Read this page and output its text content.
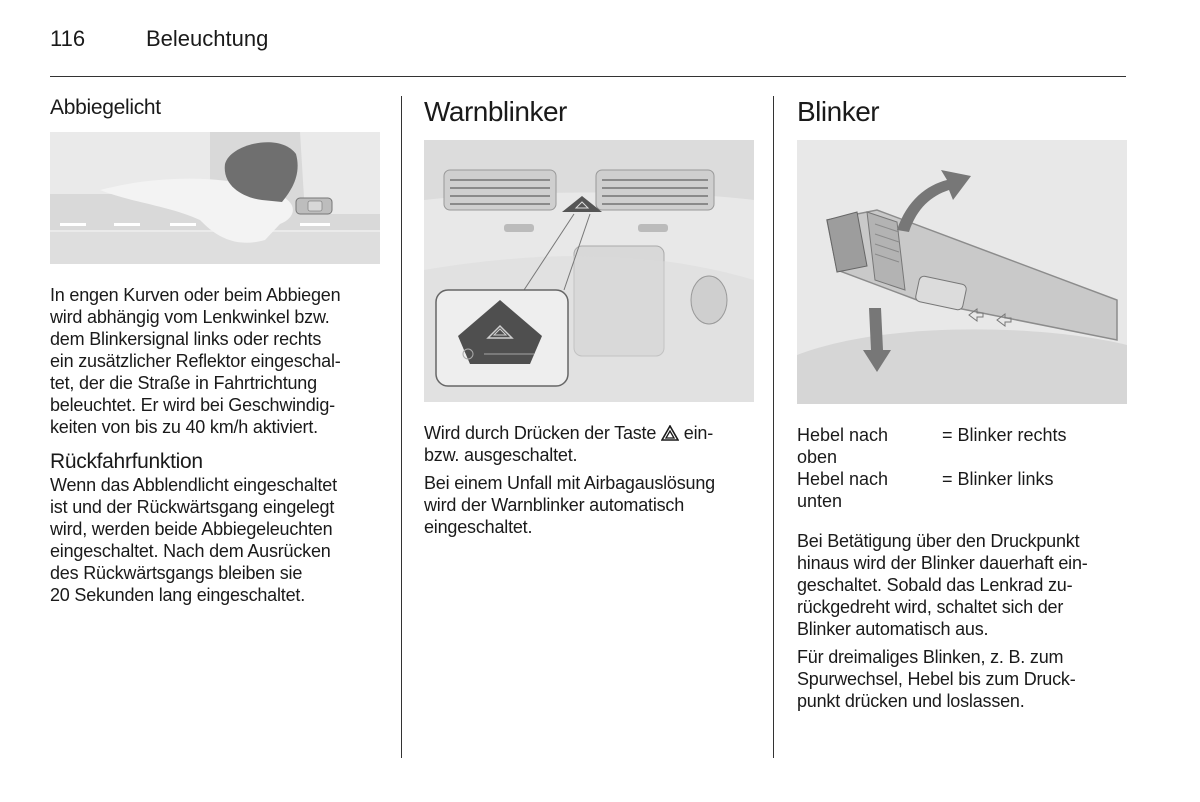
116	Beleuchtung
Abbiegelicht

In engen Kurven oder beim Abbiegen

wird abhängig vom Lenkwinkel bzw.

dem Blinkersignal links oder rechts

ein zusätzlicher Reflektor eingeschal-

tet, der die Straße in Fahrtrichtung

beleuchtet. Er wird bei Geschwindig-

keiten von bis zu 40 km/h aktiviert.

Rückfahrfunktion

Wenn das Abblendlicht eingeschaltet

ist und der Rückwärtsgang eingelegt

wird, werden beide Abbiegeleuchten

eingeschaltet. Nach dem Ausrücken

des Rückwärtsgangs bleiben sie

20 Sekunden lang eingeschaltet.

Warnblinker

Wird durch Drücken der Taste  ein-

bzw. ausgeschaltet.

Bei einem Unfall mit Airbagauslösung

wird der Warnblinker automatisch

eingeschaltet.

Blinker
Hebel nach
oben
= Blinker rechts
Hebel nach
unten
= Blinker links

Bei Betätigung über den Druckpunkt

hinaus wird der Blinker dauerhaft ein-

geschaltet. Sobald das Lenkrad zu-

rückgedreht wird, schaltet sich der

Blinker automatisch aus.

Für dreimaliges Blinken, z. B. zum

Spurwechsel, Hebel bis zum Druck-

punkt drücken und loslassen.
